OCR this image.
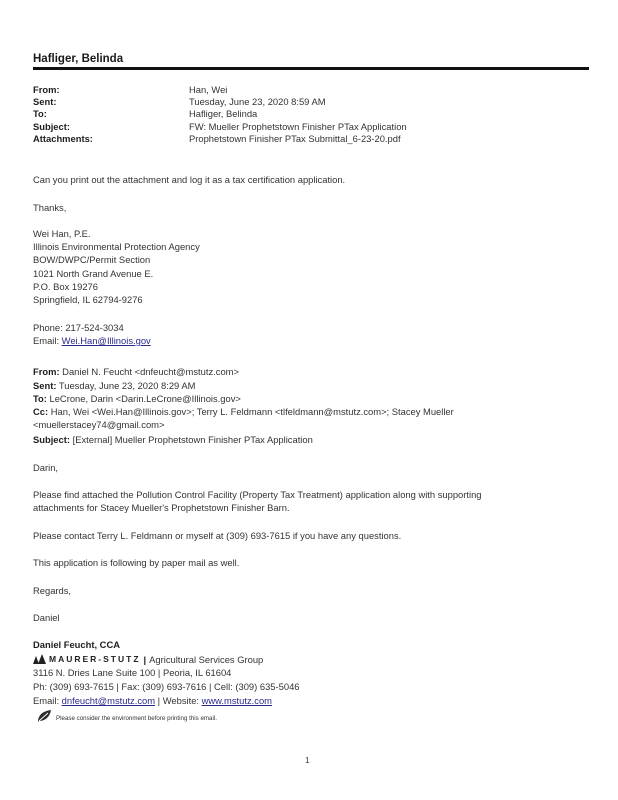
Hafliger, Belinda
From:	Han, Wei
Sent:	Tuesday, June 23, 2020 8:59 AM
To:	Hafliger, Belinda
Subject:	FW: Mueller Prophetstown Finisher PTax Application
Attachments:	Prophetstown Finisher PTax Submittal_6-23-20.pdf
Can you print out the attachment and log it as a tax certification application.
Thanks,
Wei Han, P.E.
Illinois Environmental Protection Agency
BOW/DWPC/Permit Section
1021 North Grand Avenue E.
P.O. Box 19276
Springfield, IL 62794-9276
Phone: 217-524-3034
Email: Wei.Han@Illinois.gov
From: Daniel N. Feucht <dnfeucht@mstutz.com>
Sent: Tuesday, June 23, 2020 8:29 AM
To: LeCrone, Darin <Darin.LeCrone@Illinois.gov>
Cc: Han, Wei <Wei.Han@Illinois.gov>; Terry L. Feldmann <tlfeldmann@mstutz.com>; Stacey Mueller
<muellerstacey74@gmail.com>
Subject: [External] Mueller Prophetstown Finisher PTax Application
Darin,
Please find attached the Pollution Control Facility (Property Tax Treatment) application along with supporting
attachments for Stacey Mueller's Prophetstown Finisher Barn.
Please contact Terry L. Feldmann or myself at (309) 693-7615 if you have any questions.
This application is following by paper mail as well.
Regards,
Daniel
Daniel Feucht, CCA
MAURER-STUTZ | Agricultural Services Group
3116 N. Dries Lane Suite 100 | Peoria, IL 61604
Ph: (309) 693-7615 | Fax: (309) 693-7616 | Cell: (309) 635-5046
Email: dnfeucht@mstutz.com | Website: www.mstutz.com
Please consider the environment before printing this email.
1
